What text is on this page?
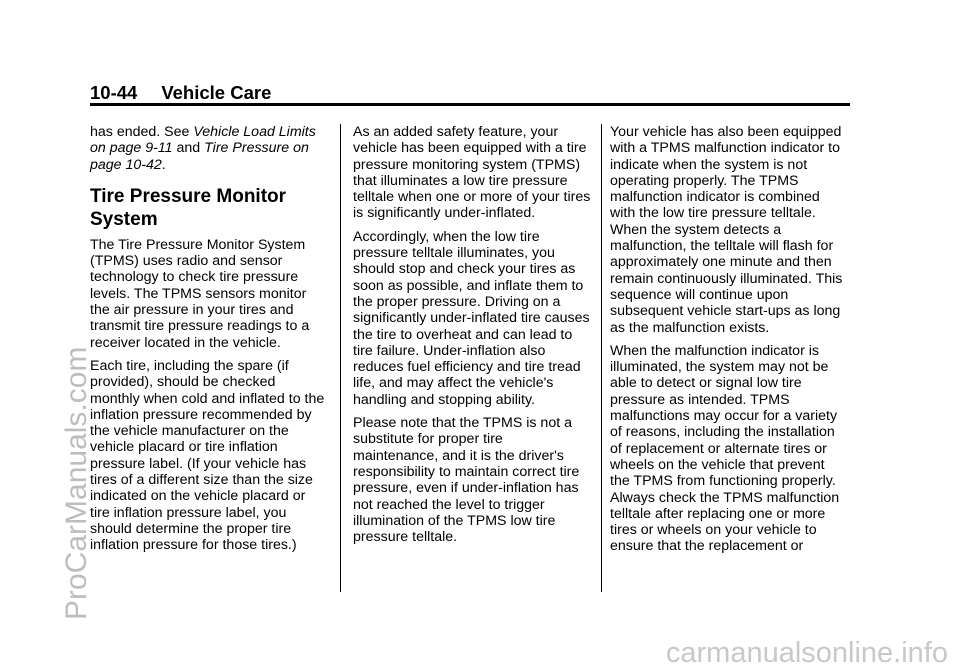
10-44 Vehicle Care

has ended. See Vehicle Load Limits on page 9-11 and Tire Pressure on page 10-42.

Tire Pressure Monitor System

The Tire Pressure Monitor System (TPMS) uses radio and sensor technology to check tire pressure levels. The TPMS sensors monitor the air pressure in your tires and transmit tire pressure readings to a receiver located in the vehicle.

Each tire, including the spare (if provided), should be checked monthly when cold and inflated to the inflation pressure recommended by the vehicle manufacturer on the vehicle placard or tire inflation pressure label. (If your vehicle has tires of a different size than the size indicated on the vehicle placard or tire inflation pressure label, you should determine the proper tire inflation pressure for those tires.)

As an added safety feature, your vehicle has been equipped with a tire pressure monitoring system (TPMS) that illuminates a low tire pressure telltale when one or more of your tires is significantly under-inflated.

Accordingly, when the low tire pressure telltale illuminates, you should stop and check your tires as soon as possible, and inflate them to the proper pressure. Driving on a significantly under-inflated tire causes the tire to overheat and can lead to tire failure. Under-inflation also reduces fuel efficiency and tire tread life, and may affect the vehicle's handling and stopping ability.

Please note that the TPMS is not a substitute for proper tire maintenance, and it is the driver's responsibility to maintain correct tire pressure, even if under-inflation has not reached the level to trigger illumination of the TPMS low tire pressure telltale.

Your vehicle has also been equipped with a TPMS malfunction indicator to indicate when the system is not operating properly. The TPMS malfunction indicator is combined with the low tire pressure telltale. When the system detects a malfunction, the telltale will flash for approximately one minute and then remain continuously illuminated. This sequence will continue upon subsequent vehicle start-ups as long as the malfunction exists.

When the malfunction indicator is illuminated, the system may not be able to detect or signal low tire pressure as intended. TPMS malfunctions may occur for a variety of reasons, including the installation of replacement or alternate tires or wheels on the vehicle that prevent the TPMS from functioning properly. Always check the TPMS malfunction telltale after replacing one or more tires or wheels on your vehicle to ensure that the replacement or

ProCarManuals.com
carmanualsonline.info
